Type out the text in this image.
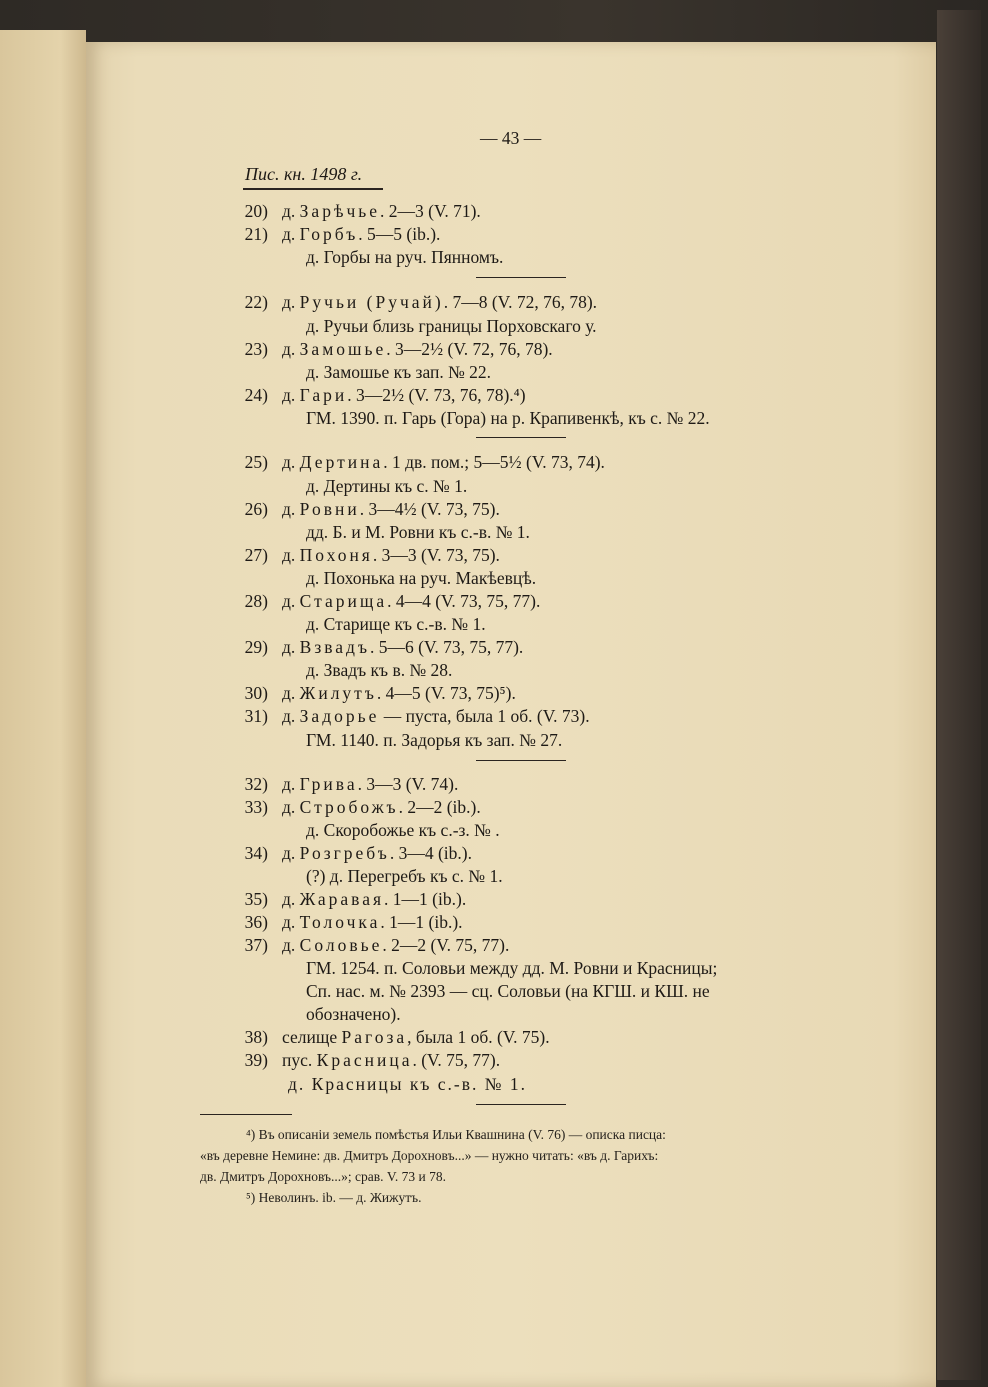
— 43 —
Пис. кн. 1498 г.
20) д. Зарѣчье. 2—3 (V. 71).
21) д. Горбъ. 5—5 (ib.).
д. Горбы на руч. Пянномъ.
22) д. Ручьи (Ручай). 7—8 (V. 72, 76, 78).
д. Ручьи близь границы Порховскаго у.
23) д. Замошье. 3—2½ (V. 72, 76, 78).
д. Замошье къ зап. № 22.
24) д. Гари. 3—2½ (V. 73, 76, 78).⁴)
ГМ. 1390. п. Гарь (Гора) на р. Крапивенкѣ, къ с. № 22.
25) д. Дертина. 1 дв. пом.; 5—5½ (V. 73, 74).
д. Дертины къ с. № 1.
26) д. Ровни. 3—4½ (V. 73, 75).
дд. Б. и М. Ровни къ с.-в. № 1.
27) д. Похоня. 3—3 (V. 73, 75).
д. Похонька на руч. Макѣевцѣ.
28) д. Старища. 4—4 (V. 73, 75, 77).
д. Старище къ с.-в. № 1.
29) д. Взвадъ. 5—6 (V. 73, 75, 77).
д. Звадъ къ в. № 28.
30) д. Жилутъ. 4—5 (V. 73, 75)⁵).
31) д. Задорье — пуста, была 1 об. (V. 73).
ГМ. 1140. п. Задорья къ зап. № 27.
32) д. Грива. 3—3 (V. 74).
33) д. Стробожъ. 2—2 (ib.).
д. Скоробожье къ с.-з. № .
34) д. Розгребъ. 3—4 (ib.).
(?) д. Перегребъ къ с. № 1.
35) д. Жаравая. 1—1 (ib.).
36) д. Толочка. 1—1 (ib.).
37) д. Соловье. 2—2 (V. 75, 77).
ГМ. 1254. п. Соловьи между дд. М. Ровни и Красницы;
Сп. нас. м. № 2393 — сц. Соловьи (на КГШ. и КШ. не
обозначено).
38) селище Рагоза, была 1 об. (V. 75).
39) пус. Красница. (V. 75, 77).
д. Красницы къ с.-в. № 1.
⁴) Въ описаніи земель помѣстья Ильи Квашнина (V. 76) — описка писца:
«въ деревне Немине: дв. Дмитръ Дорохновъ...» — нужно читать: «въ д. Гарихъ:
дв. Дмитръ Дорохновъ...»; срав. V. 73 и 78.
⁵) Неволинъ. ib. — д. Жижутъ.
